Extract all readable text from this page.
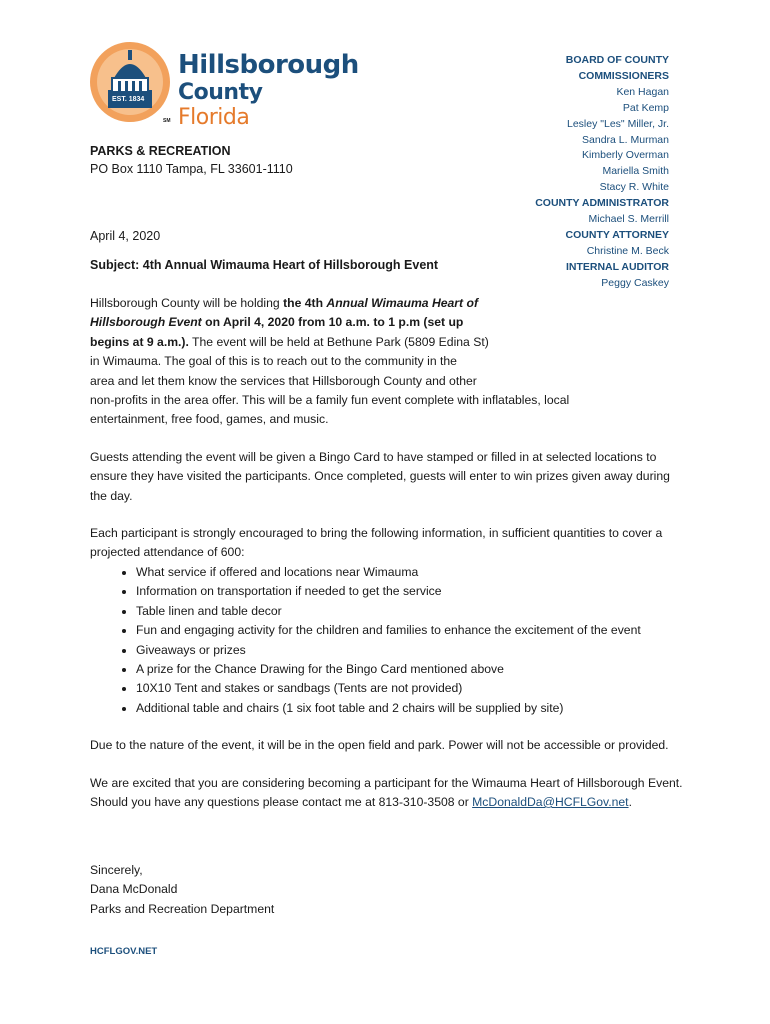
EST. 1834
SM
Hillsborough
County Florida
PARKS & RECREATION
PO Box 1110 Tampa, FL 33601-1110
BOARD OF COUNTY
COMMISSIONERS
Ken Hagan
Pat Kemp
Lesley "Les" Miller, Jr.
Sandra L. Murman
Kimberly Overman
Mariella Smith
Stacy R. White
COUNTY ADMINISTRATOR
Michael S. Merrill
COUNTY ATTORNEY
Christine M. Beck
INTERNAL AUDITOR
Peggy Caskey
April 4, 2020
Subject: 4th Annual Wimauma Heart of Hillsborough Event

Hillsborough County will be holding the 4th Annual Wimauma Heart of
Hillsborough Event on April 4, 2020 from 10 a.m. to 1 p.m (set up
begins at 9 a.m.). The event will be held at Bethune Park (5809 Edina St)
in Wimauma. The goal of this is to reach out to the community in the
area and let them know the services that Hillsborough County and other
non-profits in the area offer. This will be a family fun event complete with inflatables, local
entertainment, free food, games, and music.

Guests attending the event will be given a Bingo Card to have stamped or filled in at selected locations to ensure they have visited the participants. Once completed, guests will enter to win prizes given away during the day.

Each participant is strongly encouraged to bring the following information, in sufficient quantities to cover a projected attendance of 600:

• What service if offered and locations near Wimauma
• Information on transportation if needed to get the service
• Table linen and table decor
• Fun and engaging activity for the children and families to enhance the excitement of the event
• Giveaways or prizes
• A prize for the Chance Drawing for the Bingo Card mentioned above
• 10X10 Tent and stakes or sandbags (Tents are not provided)
• Additional table and chairs (1 six foot table and 2 chairs will be supplied by site)

Due to the nature of the event, it will be in the open field and park. Power will not be accessible or provided.

We are excited that you are considering becoming a participant for the Wimauma Heart of Hillsborough Event. Should you have any questions please contact me at 813-310-3508 or McDonaldDa@HCFLGov.net.

Sincerely,
Dana McDonald
Parks and Recreation Department
HCFLGOV.NET
